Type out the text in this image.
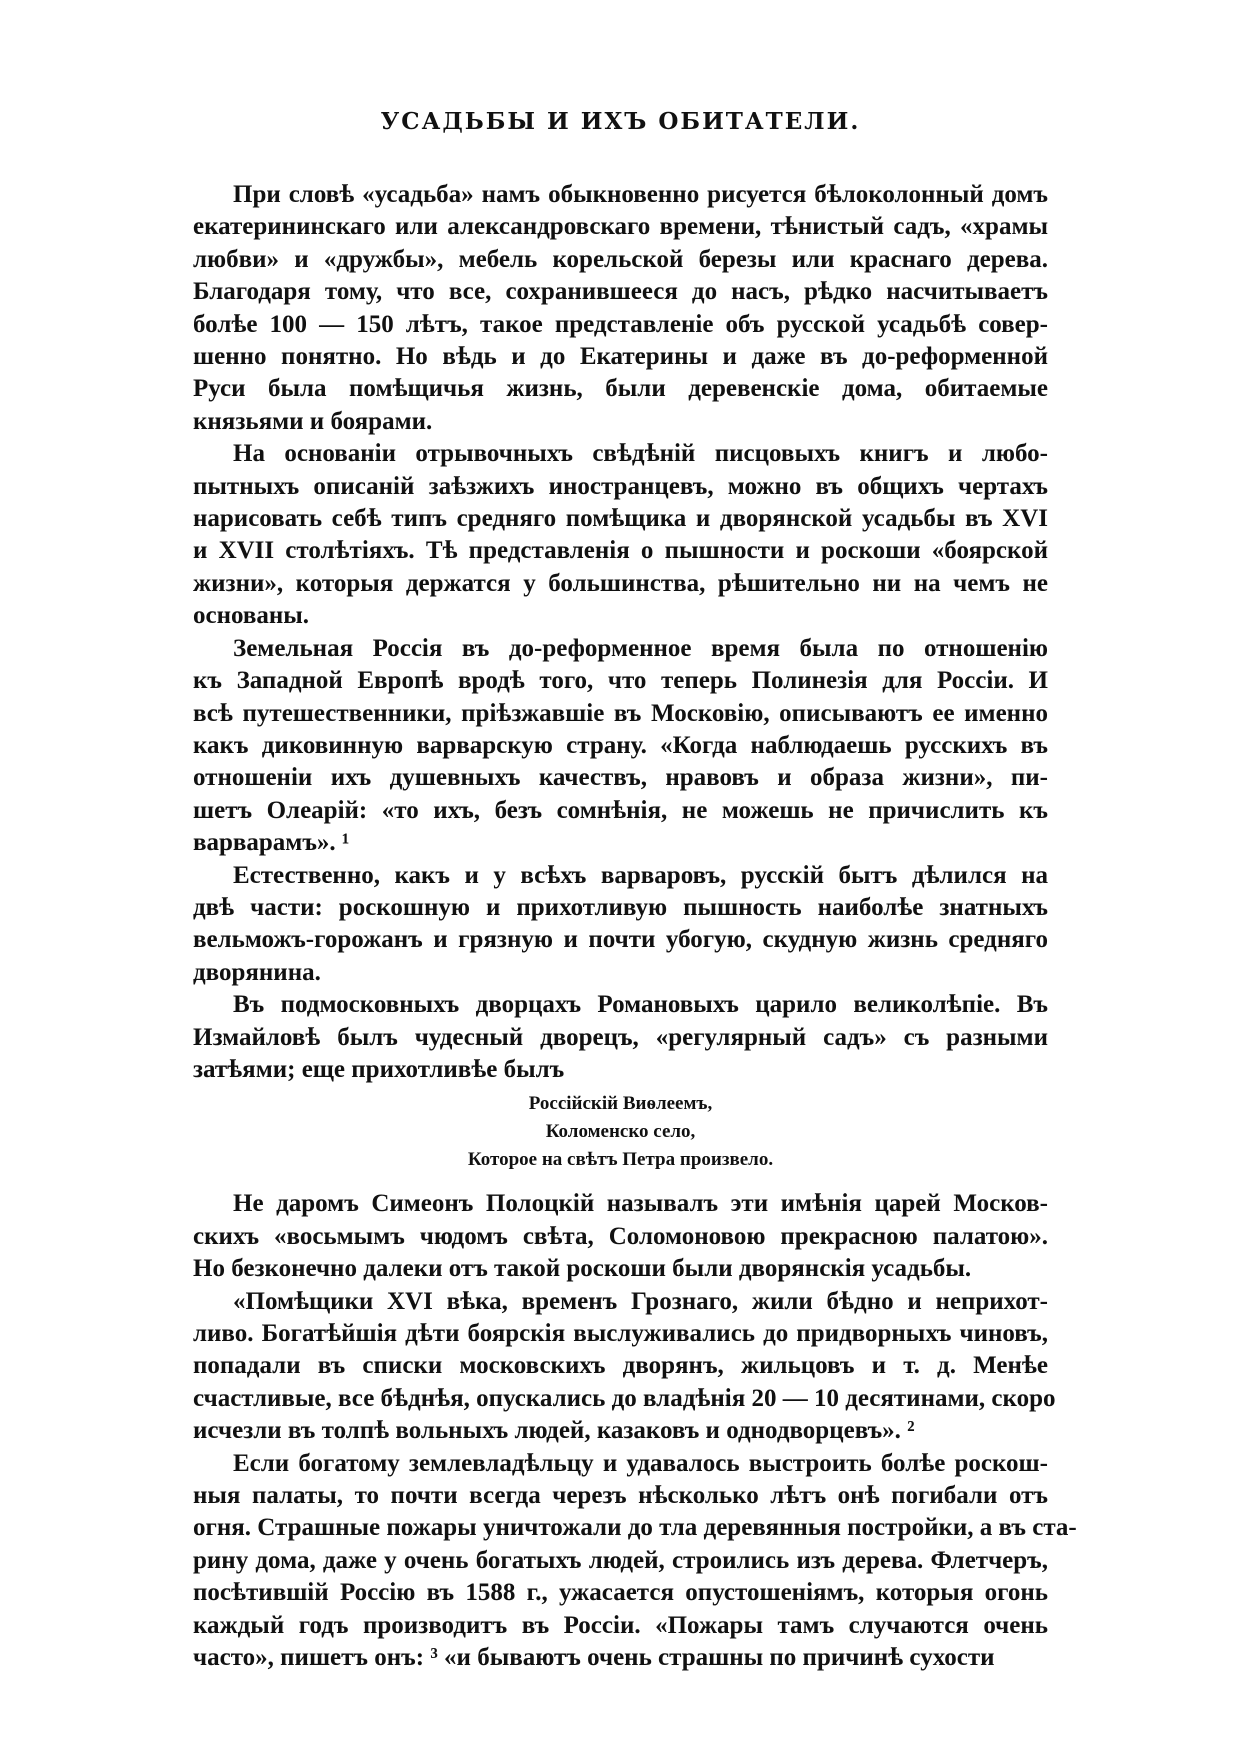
УСАДЬБЫ И ИХЪ ОБИТАТЕЛИ.
При словѣ «усадьба» намъ обыкновенно рисуется бѣлоколонный домъ
екатерининскаго или александровскаго времени, тѣнистый садъ, «храмы
любви» и «дружбы», мебель корельской березы или краснаго дерева.
Благодаря тому, что все, сохранившееся до насъ, рѣдко насчитываетъ
болѣе 100 — 150 лѣтъ, такое представленіе объ русской усадьбѣ совер-
шенно понятно. Но вѣдь и до Екатерины и даже въ до-реформенной
Руси была помѣщичья жизнь, были деревенскіе дома, обитаемые
князьями и боярами.
На основаніи отрывочныхъ свѣдѣній писцовыхъ книгъ и любо-
пытныхъ описаній заѣзжихъ иностранцевъ, можно въ общихъ чертахъ
нарисовать себѣ типъ средняго помѣщика и дворянской усадьбы въ XVI
и XVII столѣтіяхъ. Тѣ представленія о пышности и роскоши «боярской
жизни», которыя держатся у большинства, рѣшительно ни на чемъ не
основаны.
Земельная Россія въ до-реформенное время была по отношенію
къ Западной Европѣ вродѣ того, что теперь Полинезія для Россіи. И
всѣ путешественники, пріѣзжавшіе въ Московію, описываютъ ее именно
какъ диковинную варварскую страну. «Когда наблюдаешь русскихъ въ
отношеніи ихъ душевныхъ качествъ, нравовъ и образа жизни», пи-
шетъ Олеарій: «то ихъ, безъ сомнѣнія, не можешь не причислить къ
варварамъ». ¹
Естественно, какъ и у всѣхъ варваровъ, русскій бытъ дѣлился на
двѣ части: роскошную и прихотливую пышность наиболѣе знатныхъ
вельможъ-горожанъ и грязную и почти убогую, скудную жизнь средняго
дворянина.
Въ подмосковныхъ дворцахъ Романовыхъ царило великолѣпіе. Въ
Измайловѣ былъ чудесный дворецъ, «регулярный садъ» съ разными
затѣями; еще прихотливѣе былъ
Россійскій Виѳлеемъ,
Коломенско село,
Которое на свѣтъ Петра произвело.
Не даромъ Симеонъ Полоцкій называлъ эти имѣнія царей Москов-
скихъ «восьмымъ чюдомъ свѣта, Соломоновою прекрасною палатою».
Но безконечно далеки отъ такой роскоши были дворянскія усадьбы.
«Помѣщики XVI вѣка, временъ Грознаго, жили бѣдно и неприхот-
ливо. Богатѣйшія дѣти боярскія выслуживались до придворныхъ чиновъ,
попадали въ списки московскихъ дворянъ, жильцовъ и т. д. Менѣе
счастливые, все бѣднѣя, опускались до владѣнія 20 — 10 десятинами, скоро
исчезли въ толпѣ вольныхъ людей, казаковъ и однодворцевъ». ²
Если богатому землевладѣльцу и удавалось выстроить болѣе роскош-
ныя палаты, то почти всегда черезъ нѣсколько лѣтъ онѣ погибали отъ
огня. Страшные пожары уничтожали до тла деревянныя постройки, а въ ста-
рину дома, даже у очень богатыхъ людей, строились изъ дерева. Флетчеръ,
посѣтившій Россію въ 1588 г., ужасается опустошеніямъ, которыя огонь
каждый годъ производитъ въ Россіи. «Пожары тамъ случаются очень
часто», пишетъ онъ: ³ «и бываютъ очень страшны по причинѣ сухости
